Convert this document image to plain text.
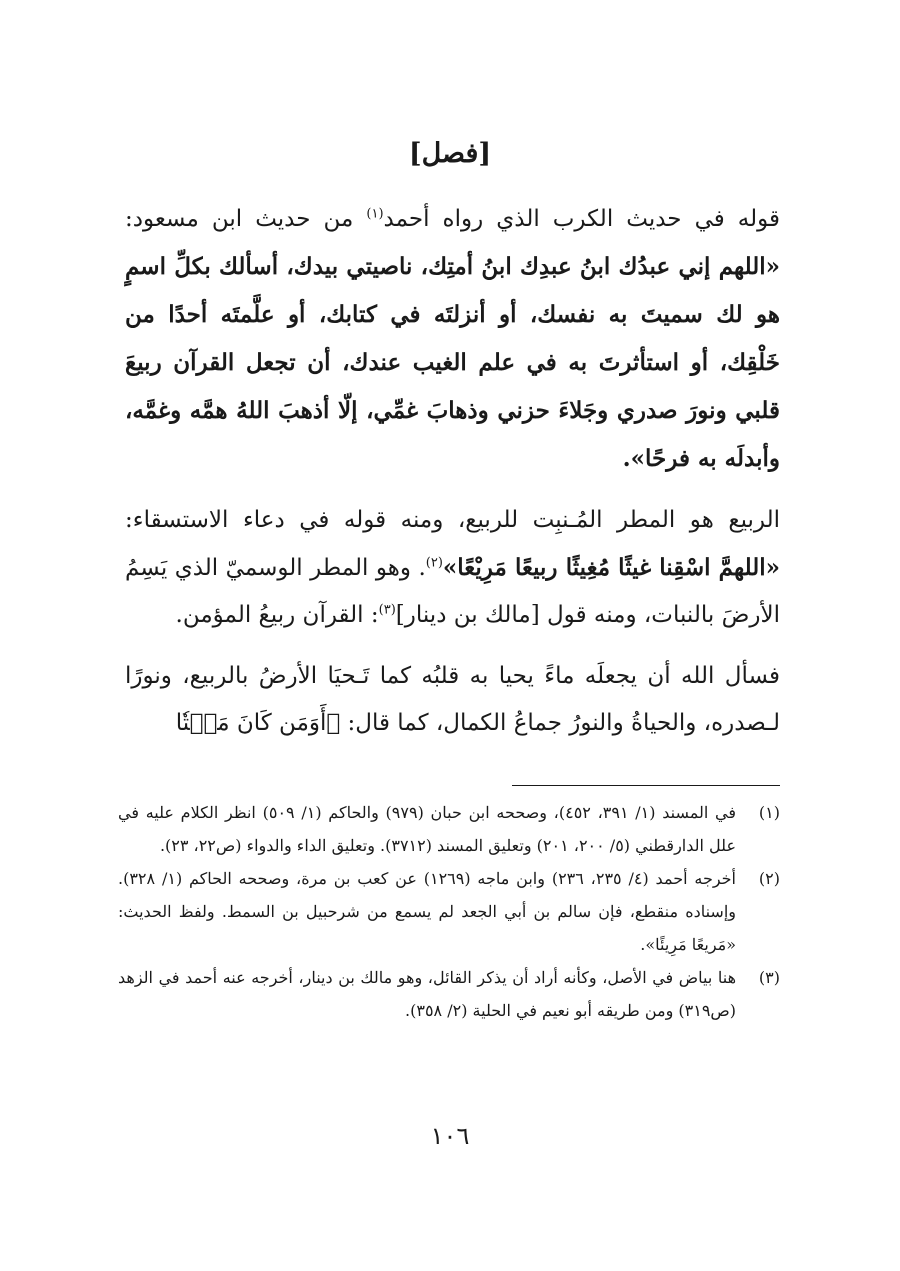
[فصل]

قوله في حديث الكرب الذي رواه أحمد$^{(١)}$ من حديث ابن مسعود: «اللهم إني عبدُك ابنُ عبدِك ابنُ أمتِك، ناصيتي بيدك، أسألك بكلِّ اسمٍ هو لك سميتَ به نفسك، أو أنزلتَه في كتابك، أو علَّمتَه أحدًا من خَلْقِك، أو استأثرتَ به في علم الغيب عندك، أن تجعل القرآن ربيعَ قلبي ونورَ صدري وجَلاءَ حزني وذهابَ غمِّي، إلّا أذهبَ اللهُ همَّه وغمَّه، وأبدلَه به فرحًا».

الربيع هو المطر المُـنبِت للربيع، ومنه قوله في دعاء الاستسقاء: «اللهمَّ اسْقِنا غيثًا مُغِيثًا ربيعًا مَرِيْعًا»$^{(٢)}$. وهو المطر الوسميّ الذي يَسِمُ الأرضَ بالنبات، ومنه قول [مالك بن دينار]$^{(٣)}$: القرآن ربيعُ المؤمن.

فسأل الله أن يجعلَه ماءً يحيا به قلبُه كما تَـحيَا الأرضُ بالربيع، ونورًا لـصدره، والحياةُ والنورُ جماعُ الكمال، كما قال: ﴿أَوَمَن كَانَ مَيۡتٗا

(١)
في المسند (١/ ٣٩١، ٤٥٢)، وصححه ابن حبان (٩٧٩) والحاكم (١/ ٥٠٩) انظر الكلام عليه في علل الدارقطني (٥/ ٢٠٠، ٢٠١) وتعليق المسند (٣٧١٢). وتعليق الداء والدواء (ص٢٢، ٢٣).
(٢)
أخرجه أحمد (٤/ ٢٣٥، ٢٣٦) وابن ماجه (١٢٦٩) عن كعب بن مرة، وصححه الحاكم (١/ ٣٢٨). وإسناده منقطع، فإن سالم بن أبي الجعد لم يسمع من شرحبيل بن السمط. ولفظ الحديث: «مَريعًا مَرِيئًا».
(٣)
هنا بياض في الأصل، وكأنه أراد أن يذكر القائل، وهو مالك بن دينار، أخرجه عنه أحمد في الزهد (ص٣١٩) ومن طريقه أبو نعيم في الحلية (٢/ ٣٥٨).
١٠٦
